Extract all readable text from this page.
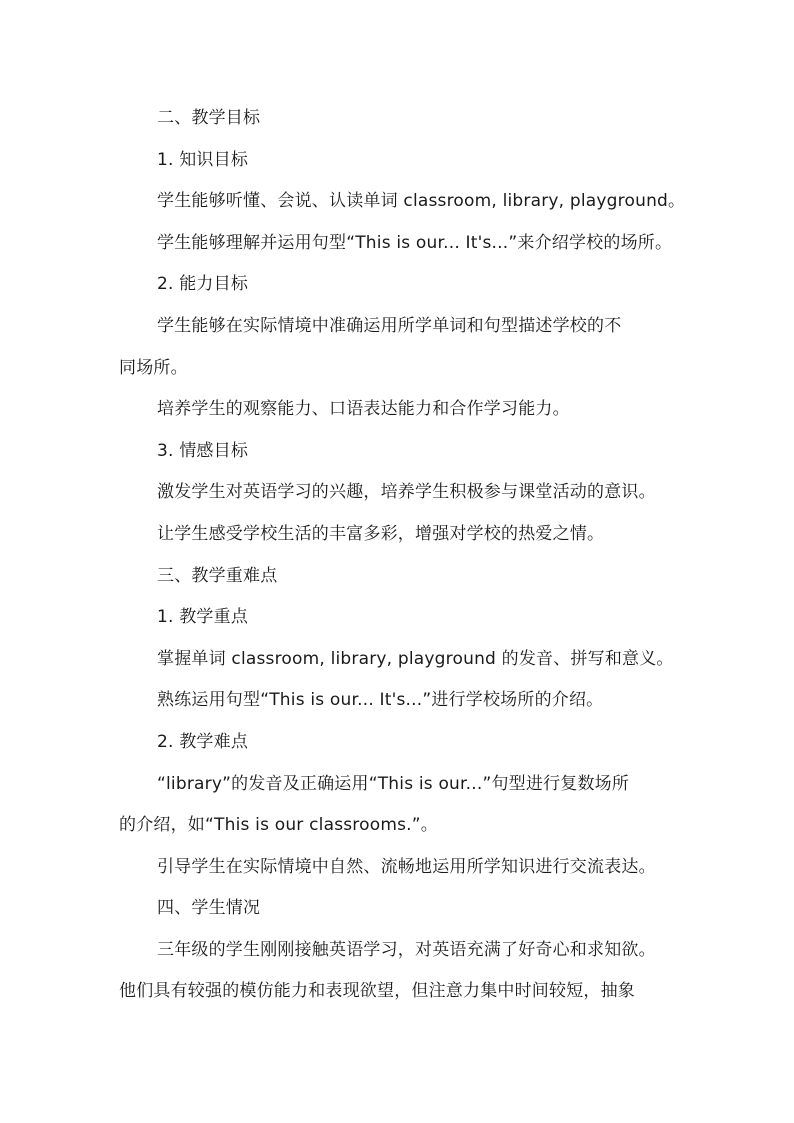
二、教学目标
1. 知识目标
学生能够听懂、会说、认读单词 classroom, library, playground。
学生能够理解并运用句型“This is our... It's...”来介绍学校的场所。
2. 能力目标
学生能够在实际情境中准确运用所学单词和句型描述学校的不
同场所。
培养学生的观察能力、口语表达能力和合作学习能力。
3. 情感目标
激发学生对英语学习的兴趣，培养学生积极参与课堂活动的意识。
让学生感受学校生活的丰富多彩，增强对学校的热爱之情。
三、教学重难点
1. 教学重点
掌握单词 classroom, library, playground 的发音、拼写和意义。
熟练运用句型“This is our... It's...”进行学校场所的介绍。
2. 教学难点
“library”的发音及正确运用“This is our...”句型进行复数场所
的介绍，如“This is our classrooms.”。
引导学生在实际情境中自然、流畅地运用所学知识进行交流表达。
四、学生情况
三年级的学生刚刚接触英语学习，对英语充满了好奇心和求知欲。
他们具有较强的模仿能力和表现欲望，但注意力集中时间较短，抽象
